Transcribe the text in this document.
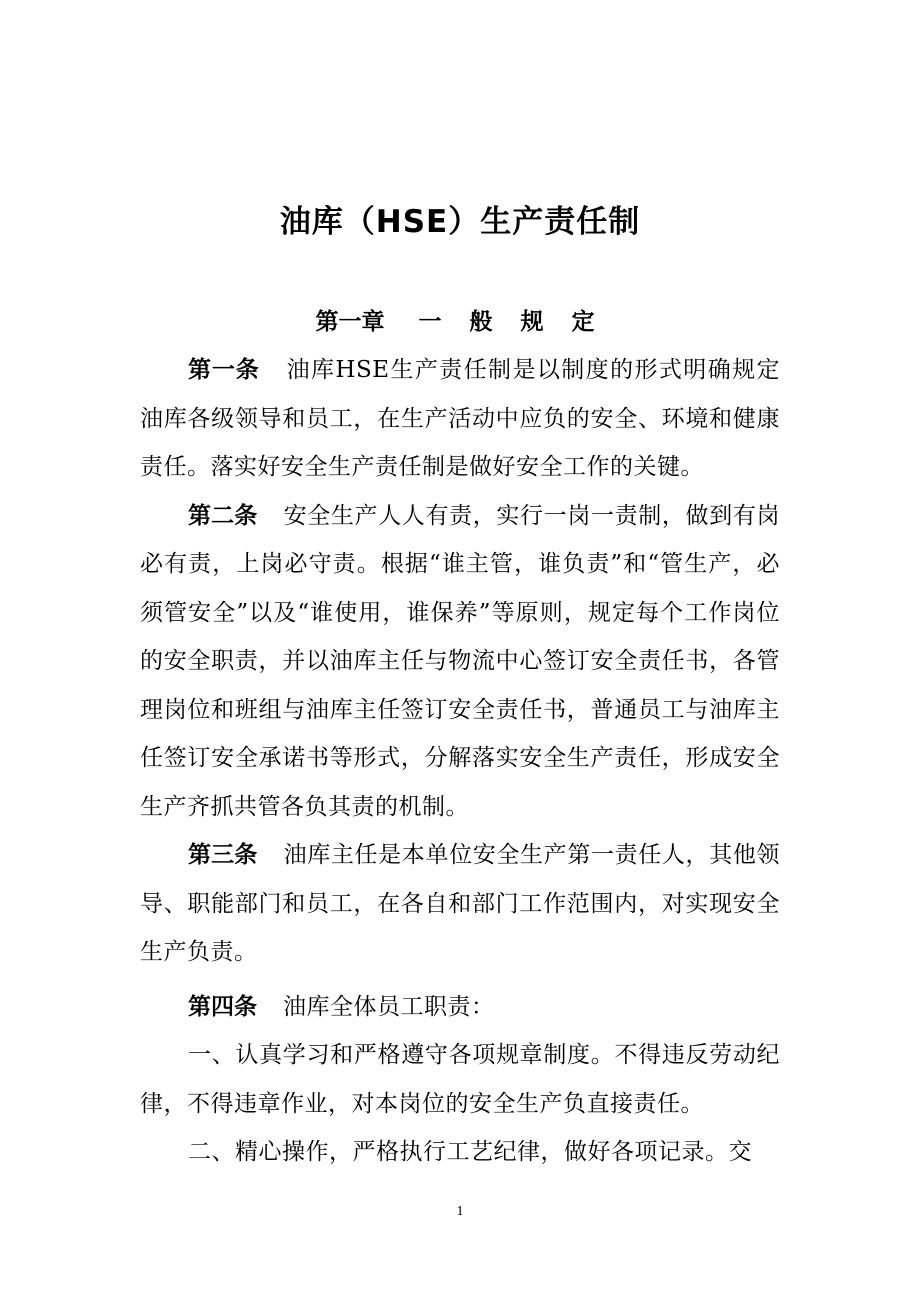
油库（HSE）生产责任制
第一章 一 般 规 定

第一条 油库HSE生产责任制是以制度的形式明确规定油库各级领导和员工，在生产活动中应负的安全、环境和健康责任。落实好安全生产责任制是做好安全工作的关键。

第二条 安全生产人人有责，实行一岗一责制，做到有岗必有责，上岗必守责。根据“谁主管，谁负责”和“管生产，必须管安全”以及“谁使用，谁保养”等原则，规定每个工作岗位的安全职责，并以油库主任与物流中心签订安全责任书，各管理岗位和班组与油库主任签订安全责任书，普通员工与油库主任签订安全承诺书等形式，分解落实安全生产责任，形成安全生产齐抓共管各负其责的机制。

第三条 油库主任是本单位安全生产第一责任人，其他领导、职能部门和员工，在各自和部门工作范围内，对实现安全生产负责。

第四条 油库全体员工职责：

一、认真学习和严格遵守各项规章制度。不得违反劳动纪律，不得违章作业，对本岗位的安全生产负直接责任。

二、精心操作，严格执行工艺纪律，做好各项记录。交

1
